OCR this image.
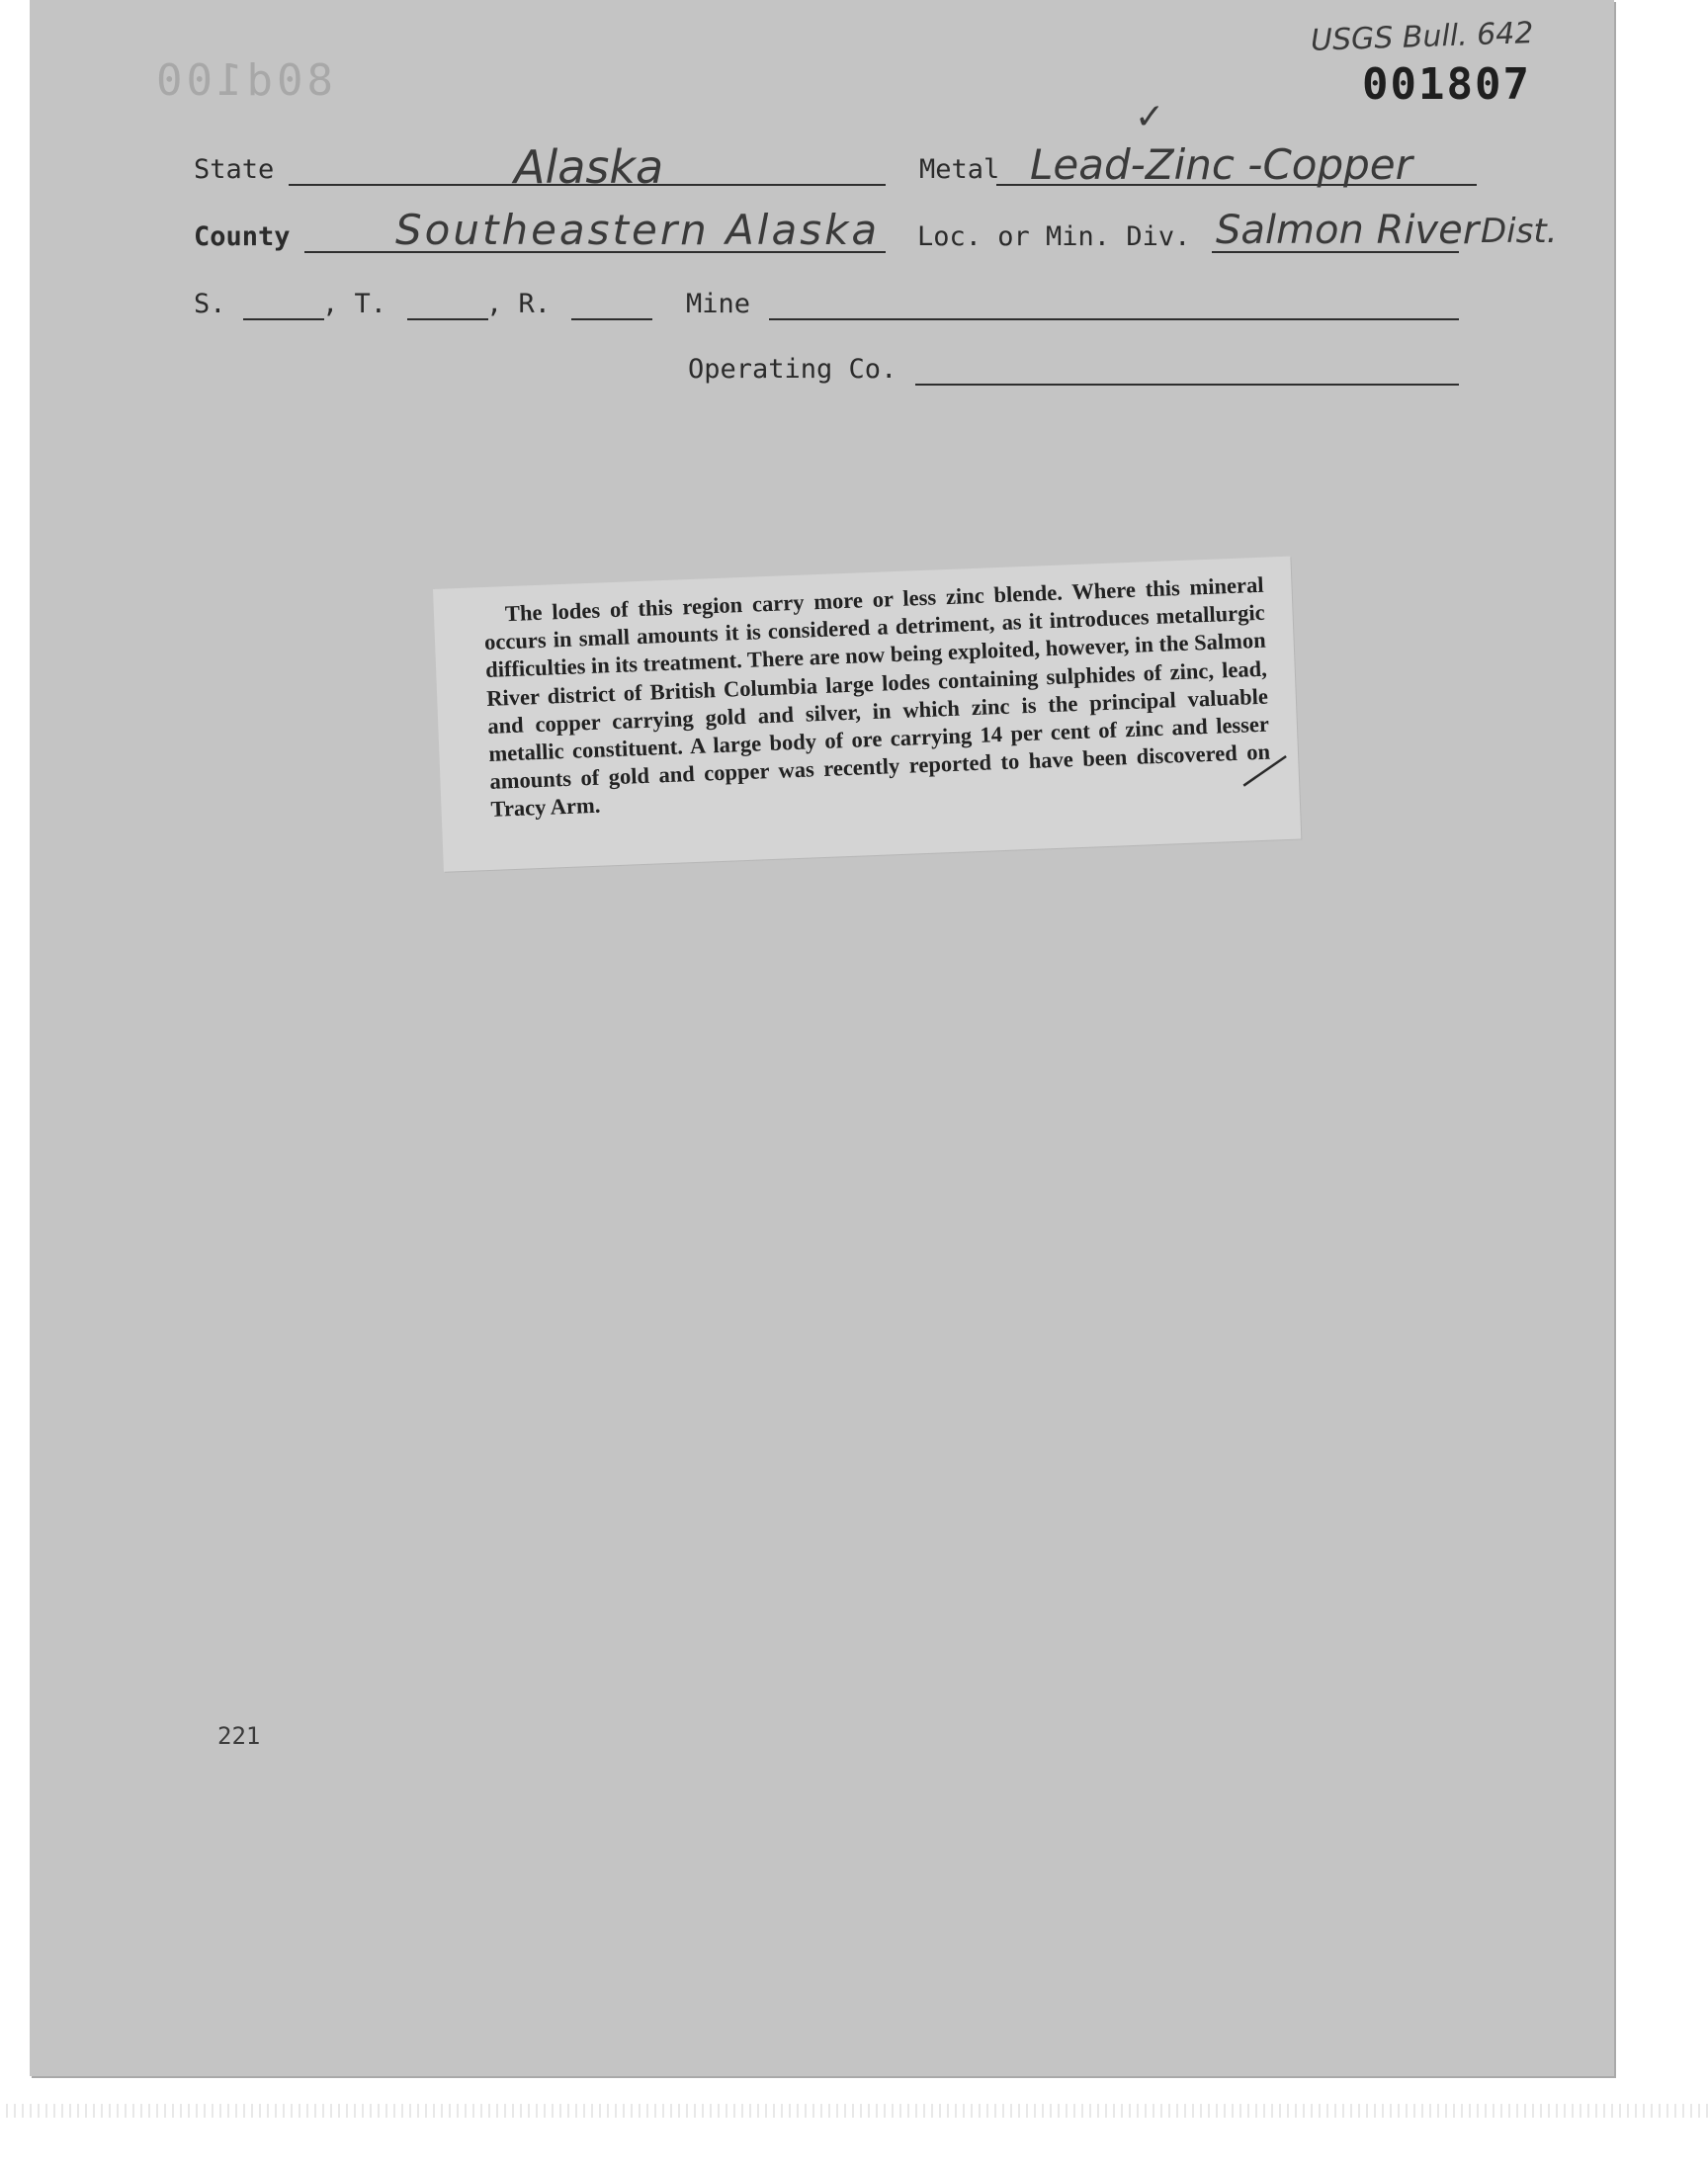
80d100
USGS Bull. 642
001807
State	Alaska	Metal Lead-Zinc -Copper
✓
County	Southeastern Alaska Loc. or Min. Div. Salmon River Dist.
S.	, T.	, R.	Mine
Operating Co.
The lodes of this region carry more or less zinc blende. Where this mineral occurs in small amounts it is considered a detriment, as it introduces metallurgic difficulties in its treatment. There are now being exploited, however, in the Salmon River district of British Columbia large lodes containing sulphides of zinc, lead, and copper carrying gold and silver, in which zinc is the principal valuable metallic constituent. A large body of ore carrying 14 per cent of zinc and lesser amounts of gold and copper was recently reported to have been discovered on Tracy Arm.
221
